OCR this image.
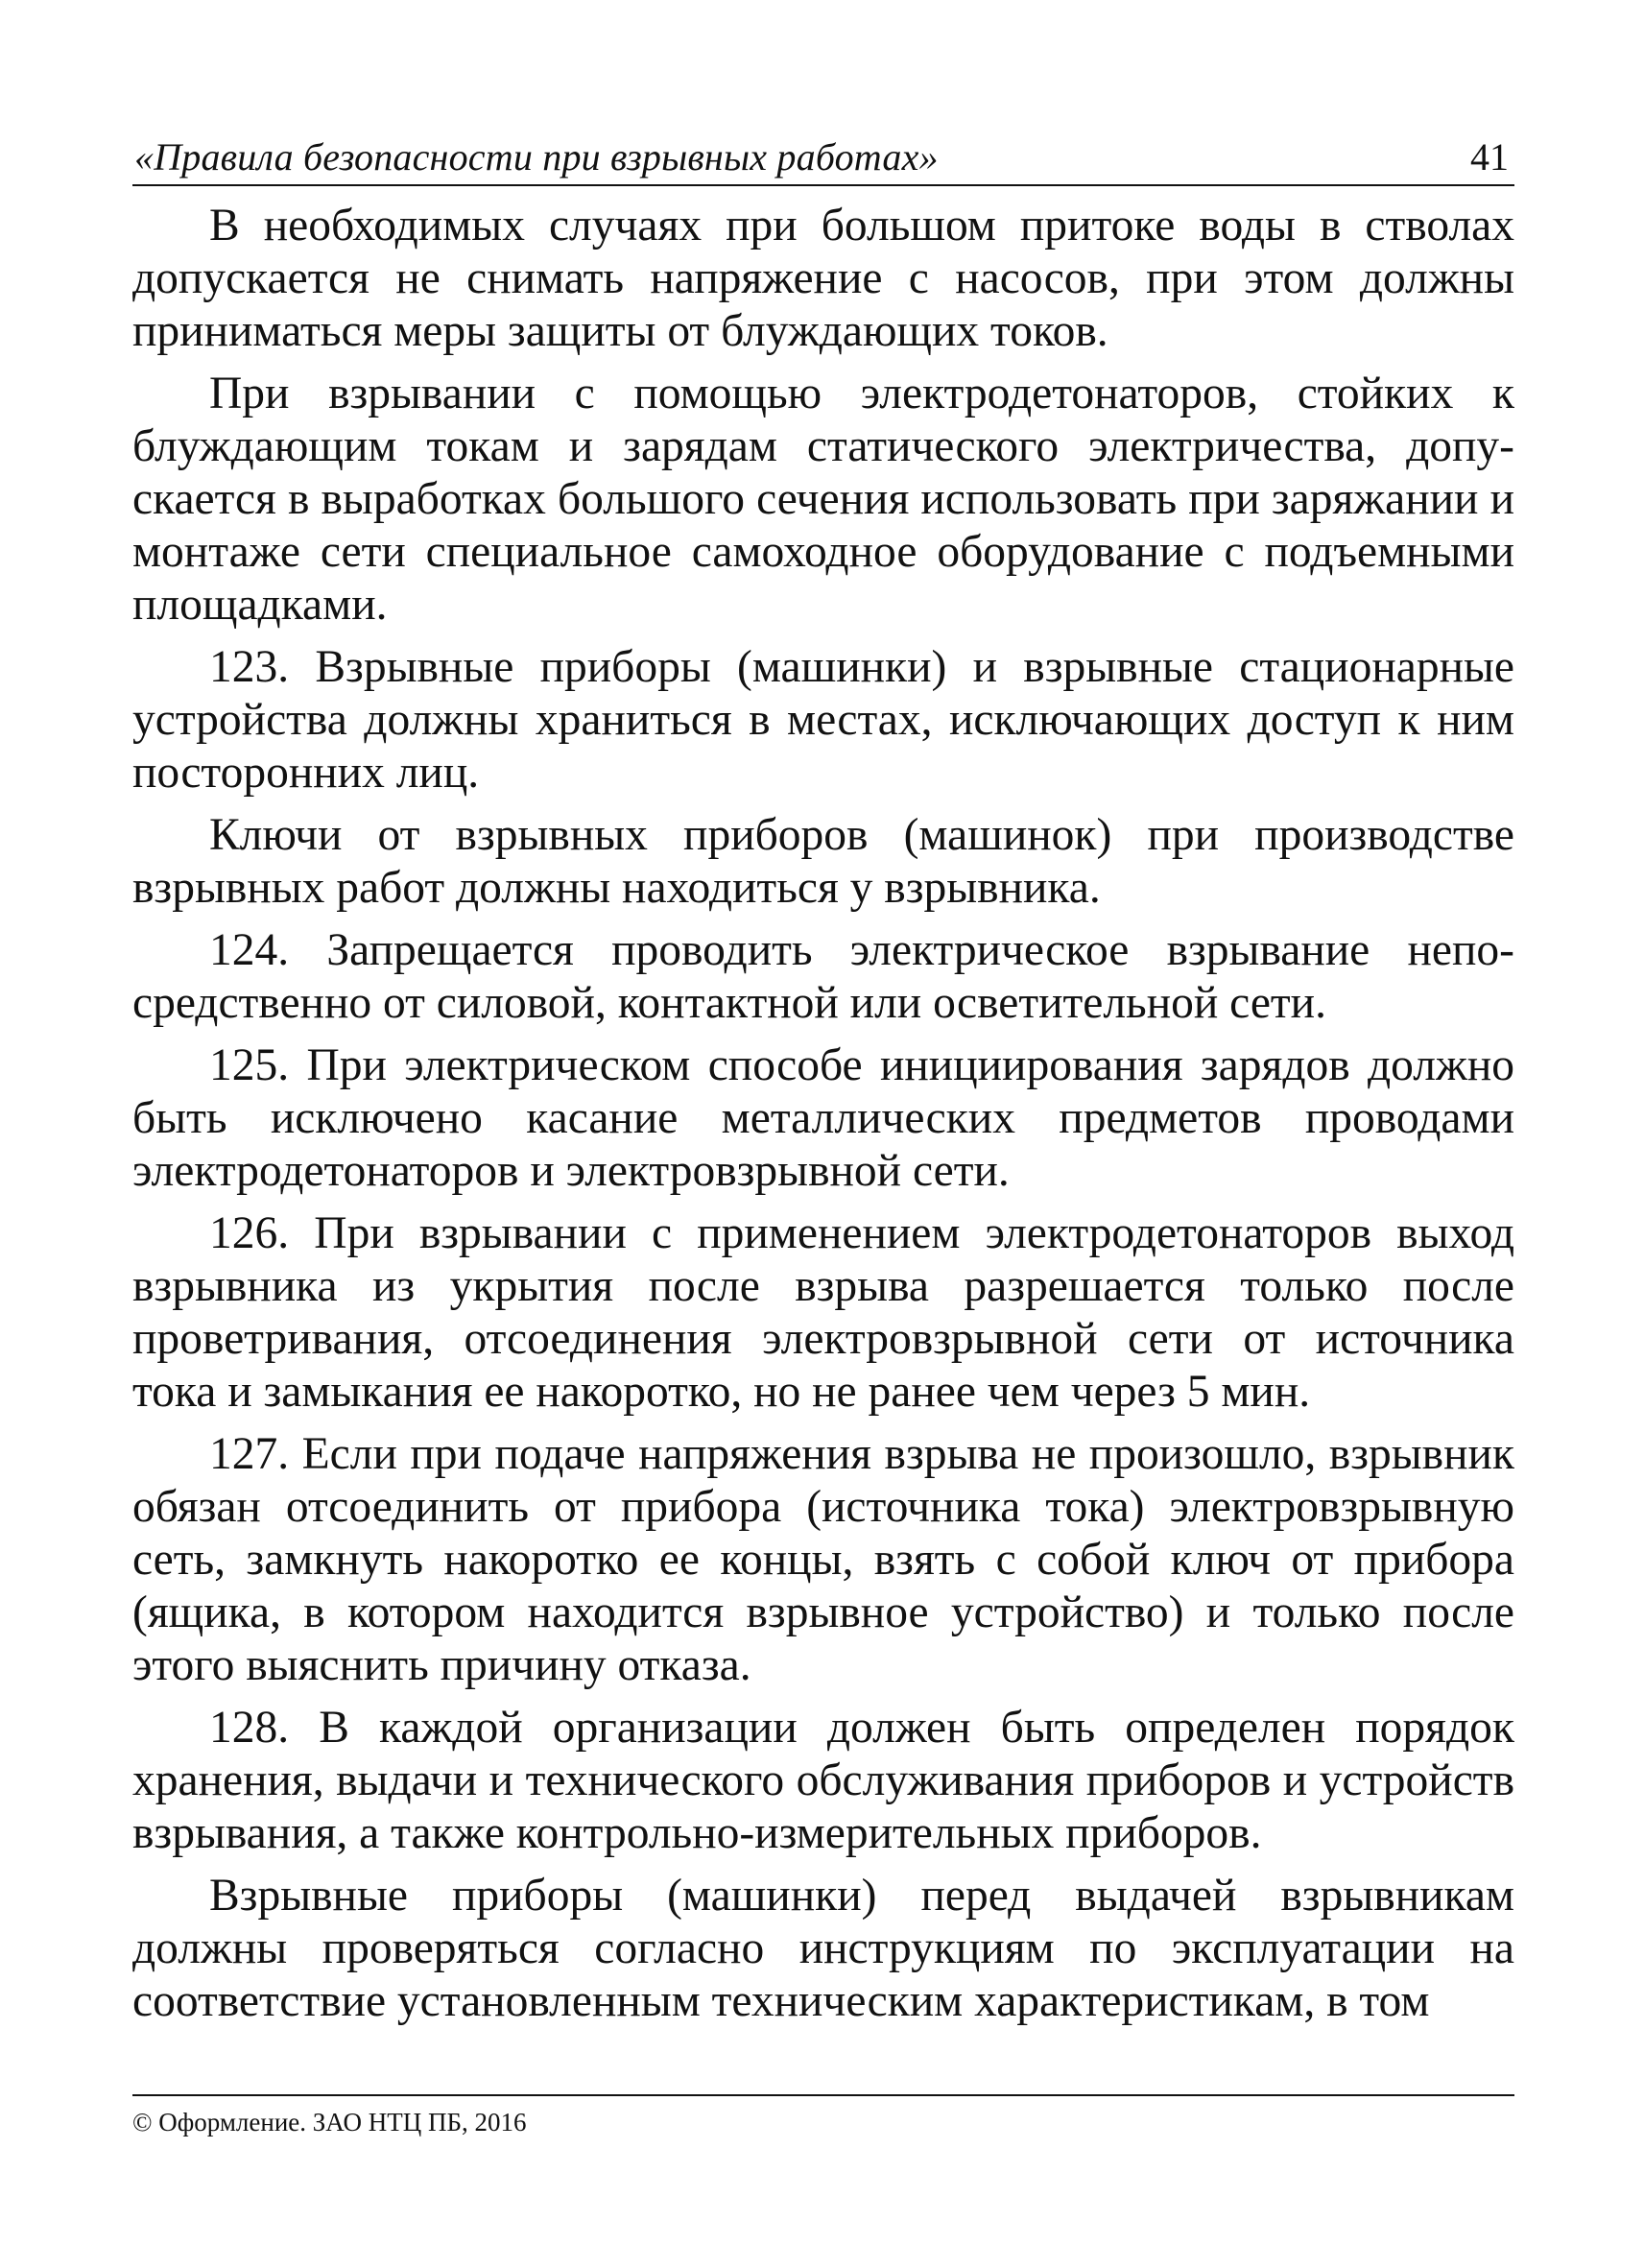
«Правила безопасности при взрывных работах»	41

В необходимых случаях при большом притоке воды в стволах допускается не снимать напряжение с насосов, при этом должны приниматься меры защиты от блуждающих токов.

При взрывании с помощью электродетонаторов, стойких к блуждающим токам и зарядам статического электричества, допускается в выработках большого сечения использовать при заряжании и монтаже сети специальное самоходное оборудование с подъемными площадками.

123. Взрывные приборы (машинки) и взрывные стационарные устройства должны храниться в местах, исключающих доступ к ним посторонних лиц.

Ключи от взрывных приборов (машинок) при производстве взрывных работ должны находиться у взрывника.

124. Запрещается проводить электрическое взрывание непосредственно от силовой, контактной или осветительной сети.

125. При электрическом способе инициирования зарядов должно быть исключено касание металлических предметов проводами электродетонаторов и электровзрывной сети.

126. При взрывании с применением электродетонаторов выход взрывника из укрытия после взрыва разрешается только после проветривания, отсоединения электровзрывной сети от источника тока и замыкания ее накоротко, но не ранее чем через 5 мин.

127. Если при подаче напряжения взрыва не произошло, взрывник обязан отсоединить от прибора (источника тока) электровзрывную сеть, замкнуть накоротко ее концы, взять с собой ключ от прибора (ящика, в котором находится взрывное устройство) и только после этого выяснить причину отказа.

128. В каждой организации должен быть определен порядок хранения, выдачи и технического обслуживания приборов и устройств взрывания, а также контрольно-измерительных приборов.

Взрывные приборы (машинки) перед выдачей взрывникам должны проверяться согласно инструкциям по эксплуатации на соответствие установленным техническим характеристикам, в том

© Оформление. ЗАО НТЦ ПБ, 2016
